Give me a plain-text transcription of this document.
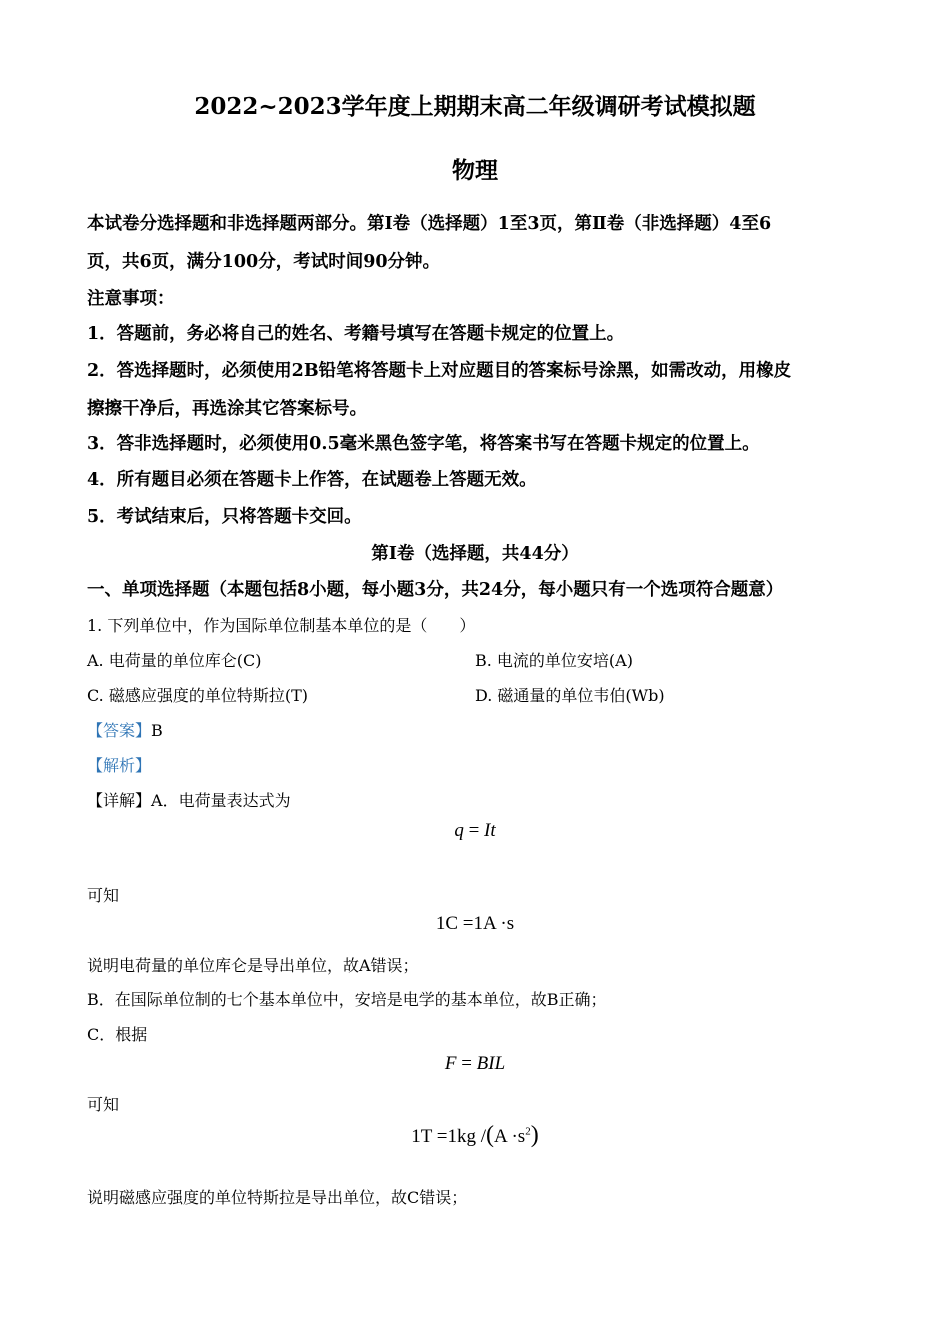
2022~2023学年度上期期末高二年级调研考试模拟题
物理
本试卷分选择题和非选择题两部分。第Ⅰ卷（选择题）1至3页，第Ⅱ卷（非选择题）4至6
页，共6页，满分100分，考试时间90分钟。
注意事项：
1．答题前，务必将自己的姓名、考籍号填写在答题卡规定的位置上。
2．答选择题时，必须使用2B铅笔将答题卡上对应题目的答案标号涂黑，如需改动，用橡皮
擦擦干净后，再选涂其它答案标号。
3．答非选择题时，必须使用0.5毫米黑色签字笔，将答案书写在答题卡规定的位置上。
4．所有题目必须在答题卡上作答，在试题卷上答题无效。
5．考试结束后，只将答题卡交回。
第Ⅰ卷（选择题，共44分）
一、单项选择题（本题包括8小题，每小题3分，共24分，每小题只有一个选项符合题意）
1. 下列单位中，作为国际单位制基本单位的是（　　）
A. 电荷量的单位库仑(C)	B. 电流的单位安培(A)
C. 磁感应强度的单位特斯拉(T)	D. 磁通量的单位韦伯(Wb)
【答案】B
【解析】
【详解】A．电荷量表达式为
q = It
可知
1C =1A ·s
说明电荷量的单位库仑是导出单位，故A错误；
B．在国际单位制的七个基本单位中，安培是电学的基本单位，故B正确；
C．根据
F = BIL
可知
1T =1kg $/(A \cdot s^2)$
说明磁感应强度的单位特斯拉是导出单位，故C错误；
